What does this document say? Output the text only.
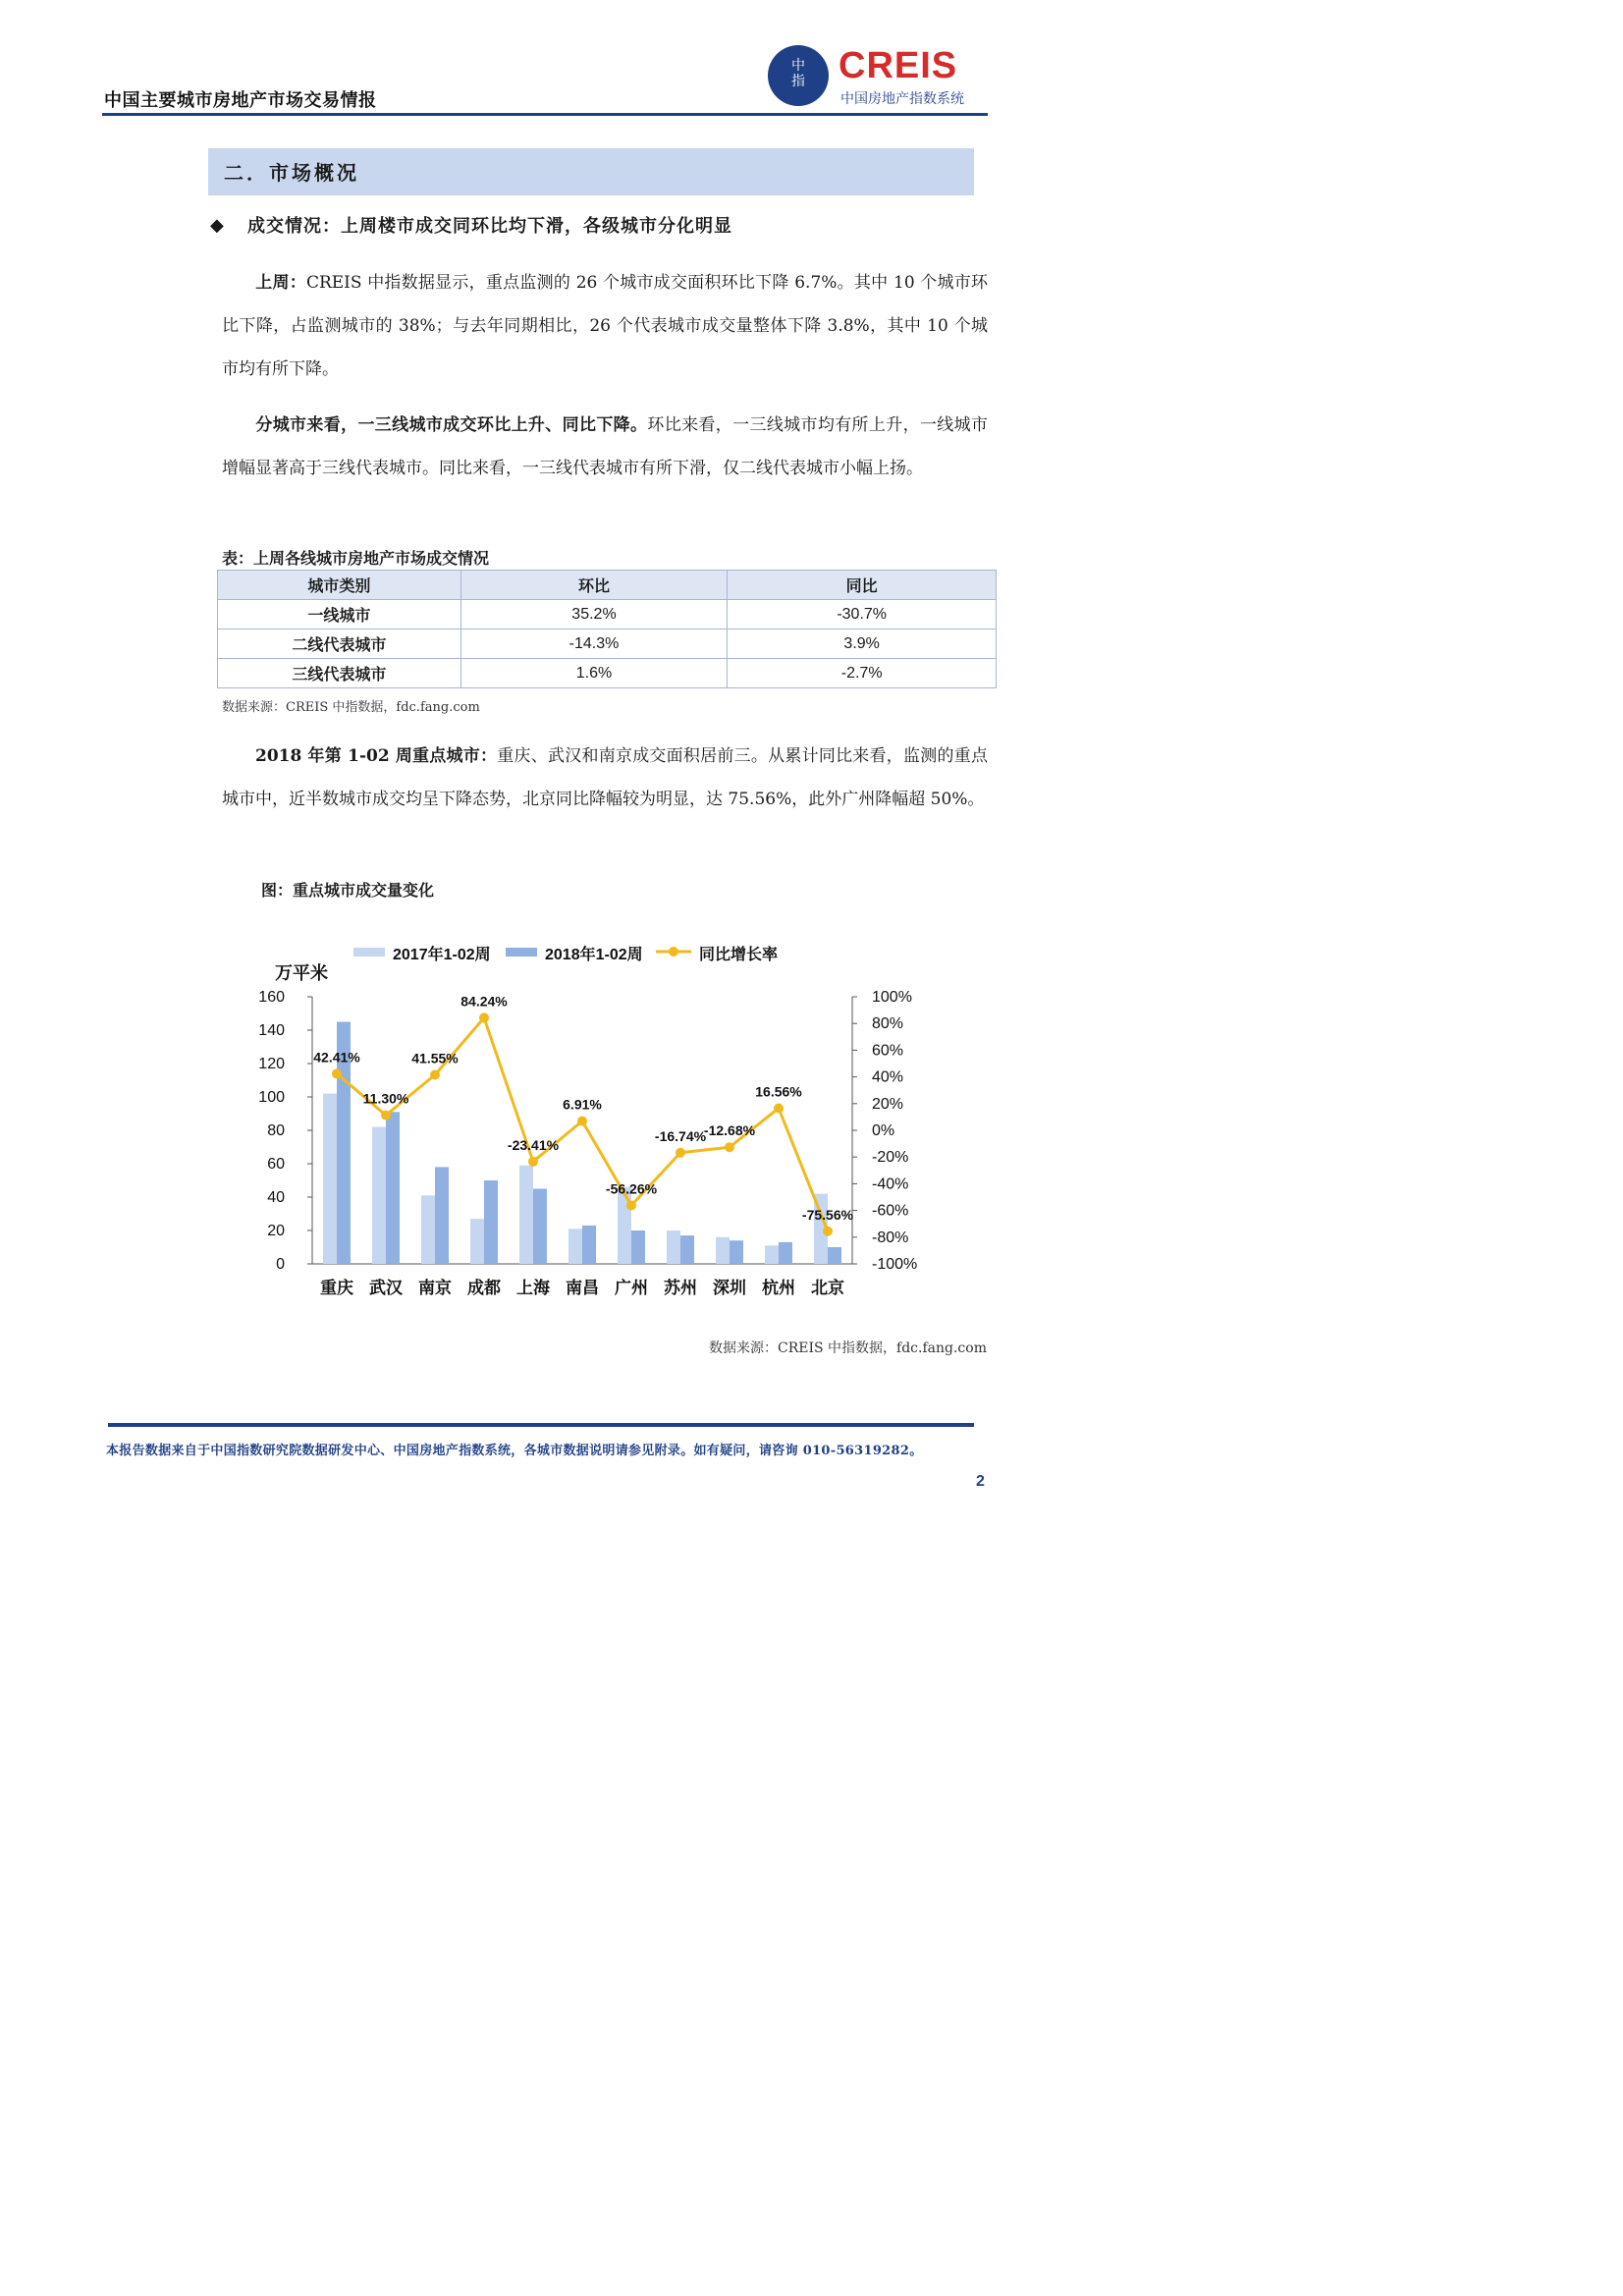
中国主要城市房地产市场交易情报
中
指 CREIS
中国房地产指数系统
二．市场概况
◆ 成交情况：上周楼市成交同环比均下滑，各级城市分化明显
上周：CREIS 中指数据显示，重点监测的 26 个城市成交面积环比下降 6.7%。其中 10 个城市环比下降，占监测城市的 38%；与去年同期相比，26 个代表城市成交量整体下降 3.8%，其中 10 个城市均有所下降。
分城市来看，一三线城市成交环比上升、同比下降。环比来看，一三线城市均有所上升，一线城市增幅显著高于三线代表城市。同比来看，一三线代表城市有所下滑，仅二线代表城市小幅上扬。
表：上周各线城市房地产市场成交情况
城市类别	环比	同比
一线城市	35.2%	-30.7%
二线代表城市	-14.3%	3.9%
三线代表城市	1.6%	-2.7%
数据来源：CREIS 中指数据，fdc.fang.com
2018 年第 1-02 周重点城市：重庆、武汉和南京成交面积居前三。从累计同比来看，监测的重点城市中，近半数城市成交均呈下降态势，北京同比降幅较为明显，达 75.56%，此外广州降幅超 50%。
图：重点城市成交量变化
0
20
40
60
80
100
120
140
160
-100%
-80%
-60%
-40%
-20%
0%
20%
40%
60%
80%
100%
万平米
重庆 武汉 南京 成都 上海 南昌 广州 苏州 深圳 杭州 北京
42.41%
11.30%
41.55%
84.24%
-23.41%
6.91%
-56.26%
-16.74%
-12.68%
16.56%
-75.56%
2017年1-02周	2018年1-02周	同比增长率
数据来源：CREIS 中指数据，fdc.fang.com
本报告数据来自于中国指数研究院数据研发中心、中国房地产指数系统，各城市数据说明请参见附录。如有疑问，请咨询 010-56319282。
2
